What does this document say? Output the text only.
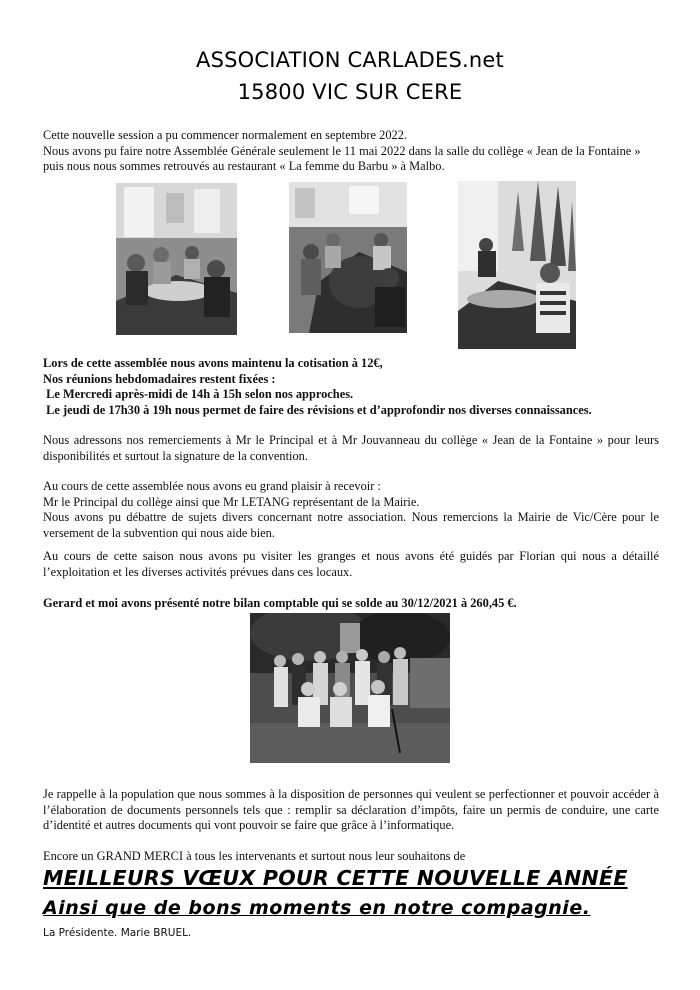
ASSOCIATION CARLADES.net
15800 VIC SUR CERE

Cette nouvelle session a pu commencer normalement en septembre 2022.

Nous avons pu faire notre Assemblée Générale seulement le 11 mai 2022 dans la salle du collège « Jean de la Fontaine »

puis nous nous sommes retrouvés au restaurant « La femme du Barbu » à Malbo.

Lors de cette assemblée nous avons maintenu la cotisation à 12€,

Nos réunions hebdomadaires restent fixées :

Le Mercredi après-midi de 14h à 15h selon nos approches.

Le jeudi de 17h30 à 19h nous permet de faire des révisions et d’approfondir nos diverses connaissances.

Nous adressons nos remerciements à Mr le Principal et à Mr Jouvanneau du collège « Jean de la Fontaine » pour leurs disponibilités et surtout la signature de la convention.

Au cours de cette assemblée nous avons eu grand plaisir à recevoir :

Mr le Principal du collège ainsi que Mr LETANG représentant de la Mairie.

Nous avons pu débattre de sujets divers concernant notre association. Nous remercions la Mairie de Vic/Cère pour le versement de la subvention qui nous aide bien.

Au cours de cette saison nous avons pu visiter les granges et nous avons été guidés par Florian qui nous a détaillé l’exploitation et les diverses activités prévues dans ces locaux.

Gerard et moi avons présenté notre bilan comptable qui se solde au 30/12/2021 à 260,45 €.

Je rappelle à la population que nous sommes à la disposition de personnes qui veulent se perfectionner et pouvoir accéder à l’élaboration de documents personnels tels que : remplir sa déclaration d’impôts, faire un permis de conduire, une carte d’identité et autres documents qui vont pouvoir se faire que grâce à l’informatique.

Encore un GRAND MERCI à tous les intervenants et surtout nous leur souhaitons de

MEILLEURS VŒUX POUR CETTE NOUVELLE ANNÉE
Ainsi que de bons moments en notre compagnie.
La Présidente. Marie BRUEL.
